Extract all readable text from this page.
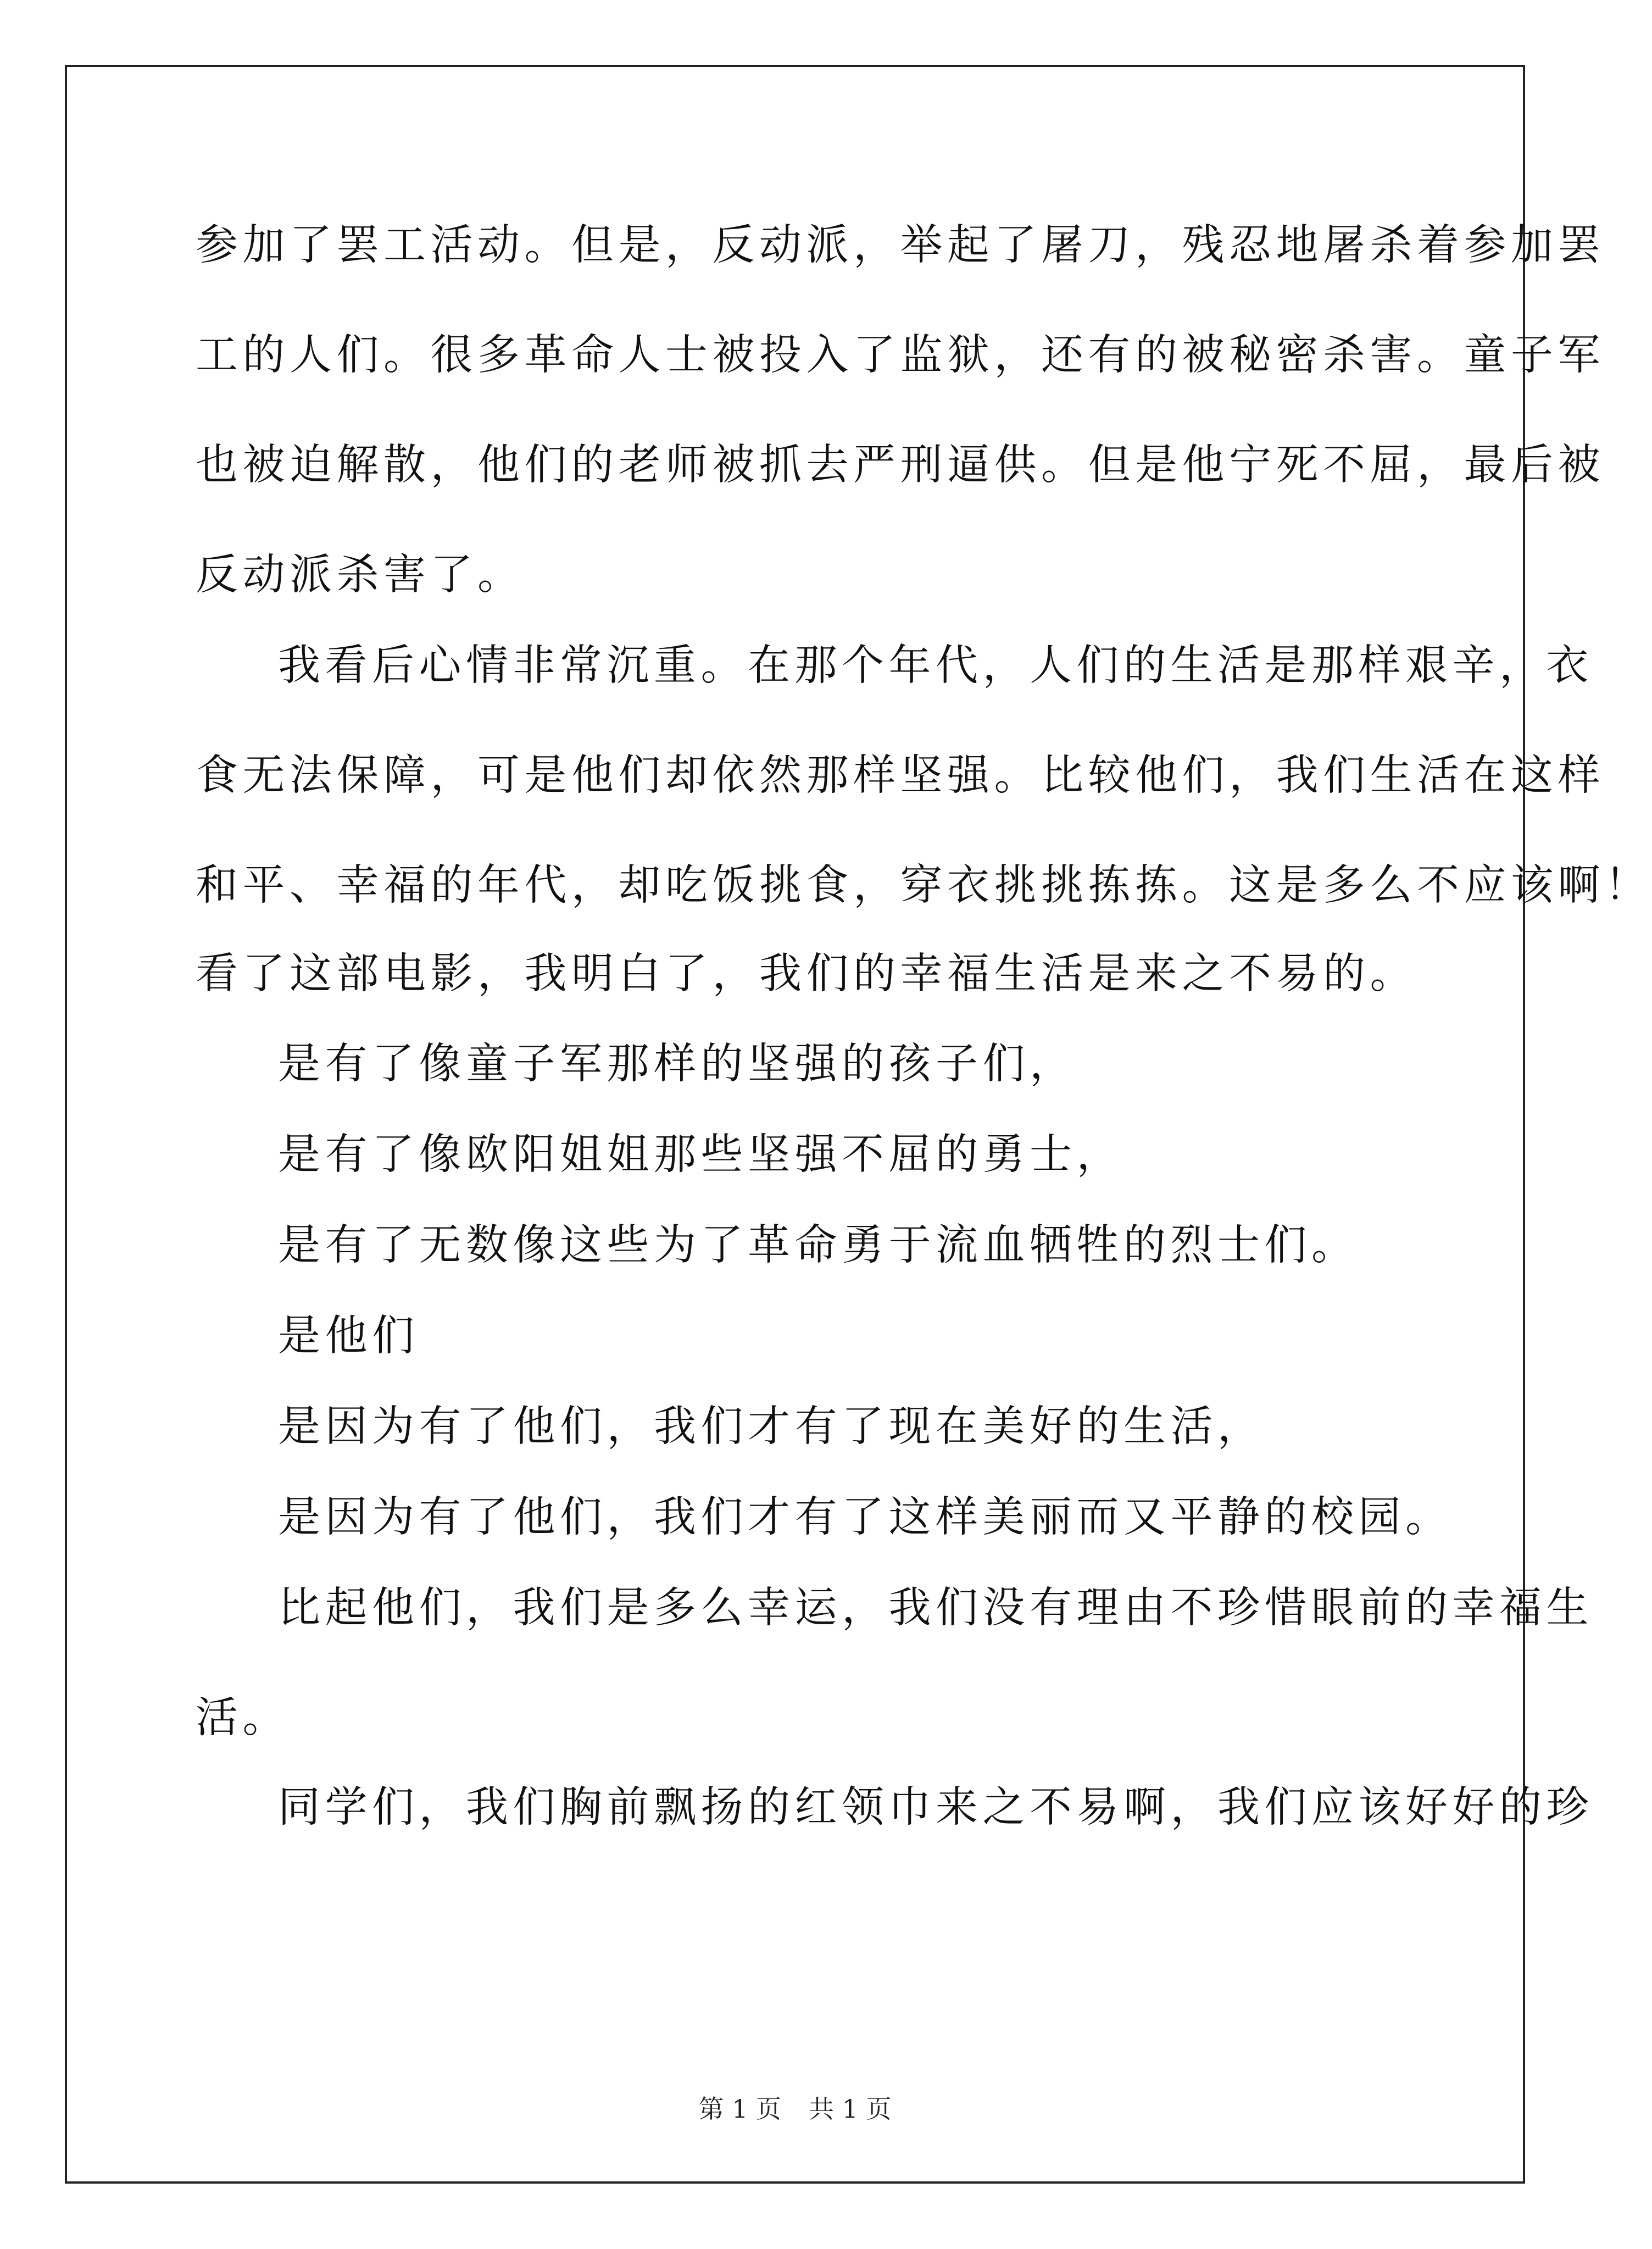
参加了罢工活动。但是，反动派，举起了屠刀，残忍地屠杀着参加罢
工的人们。很多革命人士被投入了监狱，还有的被秘密杀害。童子军
也被迫解散，他们的老师被抓去严刑逼供。但是他宁死不屈，最后被
反动派杀害了。
我看后心情非常沉重。在那个年代，人们的生活是那样艰辛，衣
食无法保障，可是他们却依然那样坚强。比较他们，我们生活在这样
和平、幸福的年代，却吃饭挑食，穿衣挑挑拣拣。这是多么不应该啊！
看了这部电影，我明白了，我们的幸福生活是来之不易的。
是有了像童子军那样的坚强的孩子们，
是有了像欧阳姐姐那些坚强不屈的勇士，
是有了无数像这些为了革命勇于流血牺牲的烈士们。
是他们
是因为有了他们，我们才有了现在美好的生活，
是因为有了他们，我们才有了这样美丽而又平静的校园。
比起他们，我们是多么幸运，我们没有理由不珍惜眼前的幸福生
活。
同学们，我们胸前飘扬的红领巾来之不易啊，我们应该好好的珍
第 1 页 共 1 页
